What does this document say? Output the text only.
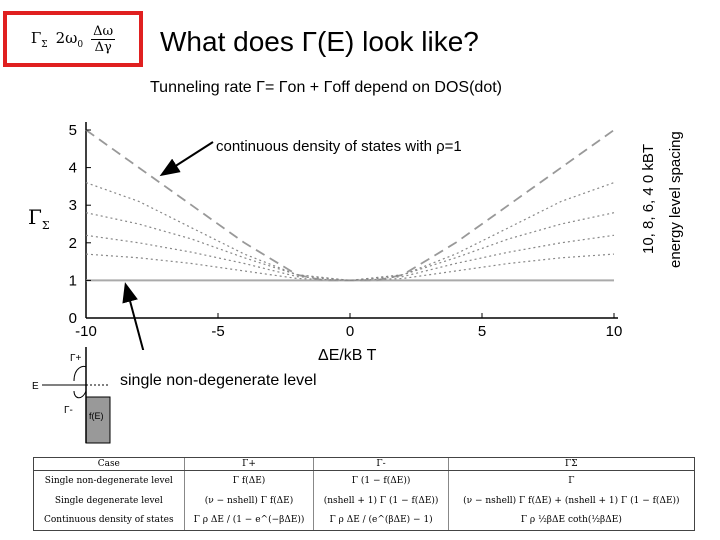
$\Gamma_\Sigma$ $2\omega_0 \frac{\Delta\omega}{\Delta\gamma}$ What does Γ(E) look like?
Tunneling rate Γ= Γon + Γoff depend on DOS(dot)
-10	-5	0	5	10
0
1
2
3
4
5
$\Gamma_\Sigma$
continuous density of states with ρ=1	10, 8, 6, 4 0 kBT energy level spacing
ΔE/kB T
single non-degenerate level
Γ+
Γ-
E
f(E)
Case	Γ+	Γ-	ΓΣ
Single non-degenerate level	Γ f(ΔE)	Γ (1 − f(ΔE))	Γ
Single degenerate level	(ν − nshell) Γ f(ΔE)	(nshell + 1) Γ (1 − f(ΔE))	(ν − nshell) Γ f(ΔE) + (nshell + 1) Γ (1 − f(ΔE))
Continuous density of states	Γ ρ ΔE / (1 − e^(−βΔE))	Γ ρ ΔE / (e^(βΔE) − 1)	Γ ρ ½βΔE coth(½βΔE)
